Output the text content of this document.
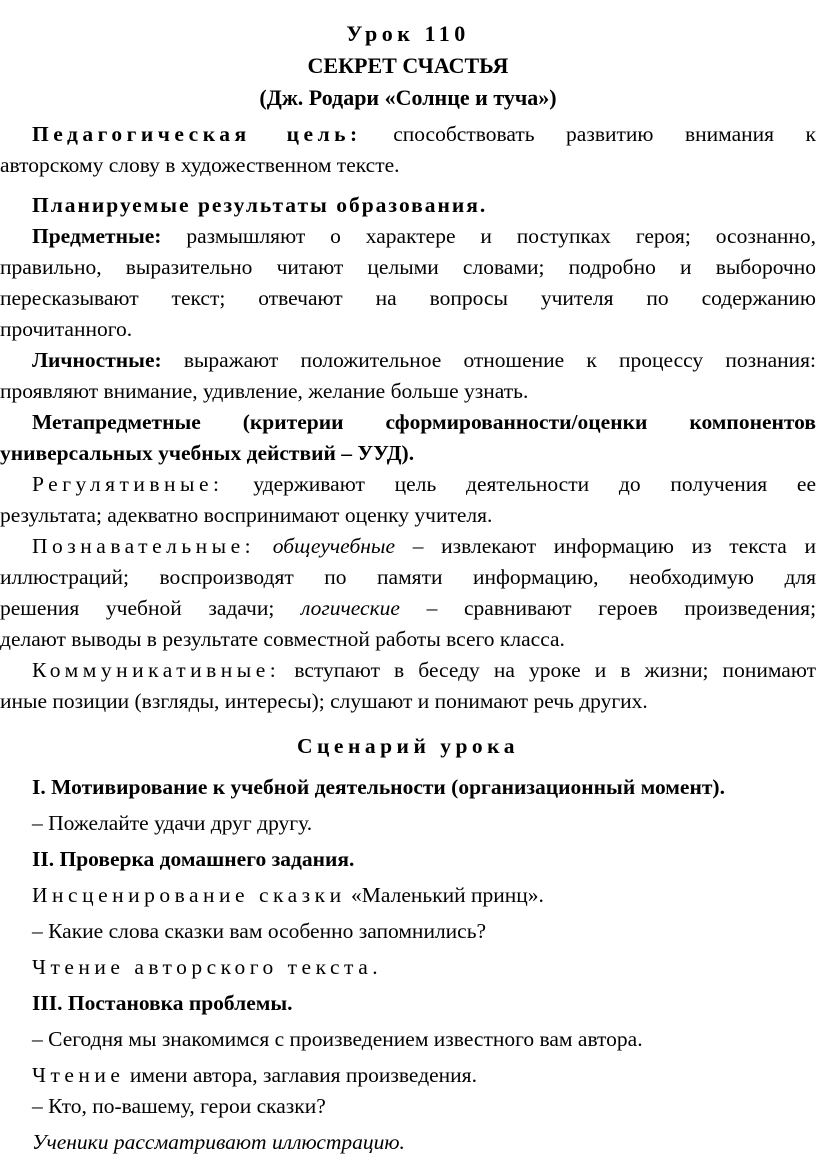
Урок 110

СЕКРЕТ СЧАСТЬЯ

(Дж. Родари «Солнце и туча»)

Педагогическая цель: способствовать развитию внимания к

авторскому слову в художественном тексте.

Планируемые результаты образования.

Предметные: размышляют о характере и поступках героя; осознанно,

правильно, выразительно читают целыми словами; подробно и выборочно

пересказывают текст; отвечают на вопросы учителя по содержанию

прочитанного.

Личностные: выражают положительное отношение к процессу познания:

проявляют внимание, удивление, желание больше узнать.

Метапредметные (критерии сформированности/оценки компонентов

универсальных учебных действий – УУД).

Регулятивные: удерживают цель деятельности до получения ее

результата; адекватно воспринимают оценку учителя.

Познавательные: общеучебные – извлекают информацию из текста и

иллюстраций; воспроизводят по памяти информацию, необходимую для

решения учебной задачи; логические – сравнивают героев произведения;

делают выводы в результате совместной работы всего класса.

Коммуникативные: вступают в беседу на уроке и в жизни; понимают

иные позиции (взгляды, интересы); слушают и понимают речь других.

Сценарий урока

I. Мотивирование к учебной деятельности (организационный момент).

– Пожелайте удачи друг другу.

II. Проверка домашнего задания.

Инсценирование сказки «Маленький принц».

– Какие слова сказки вам особенно запомнились?

Чтение авторского текста.

III. Постановка проблемы.

– Сегодня мы знакомимся с произведением известного вам автора.

Чтение имени автора, заглавия произведения.

– Кто, по-вашему, герои сказки?

Ученики рассматривают иллюстрацию.
